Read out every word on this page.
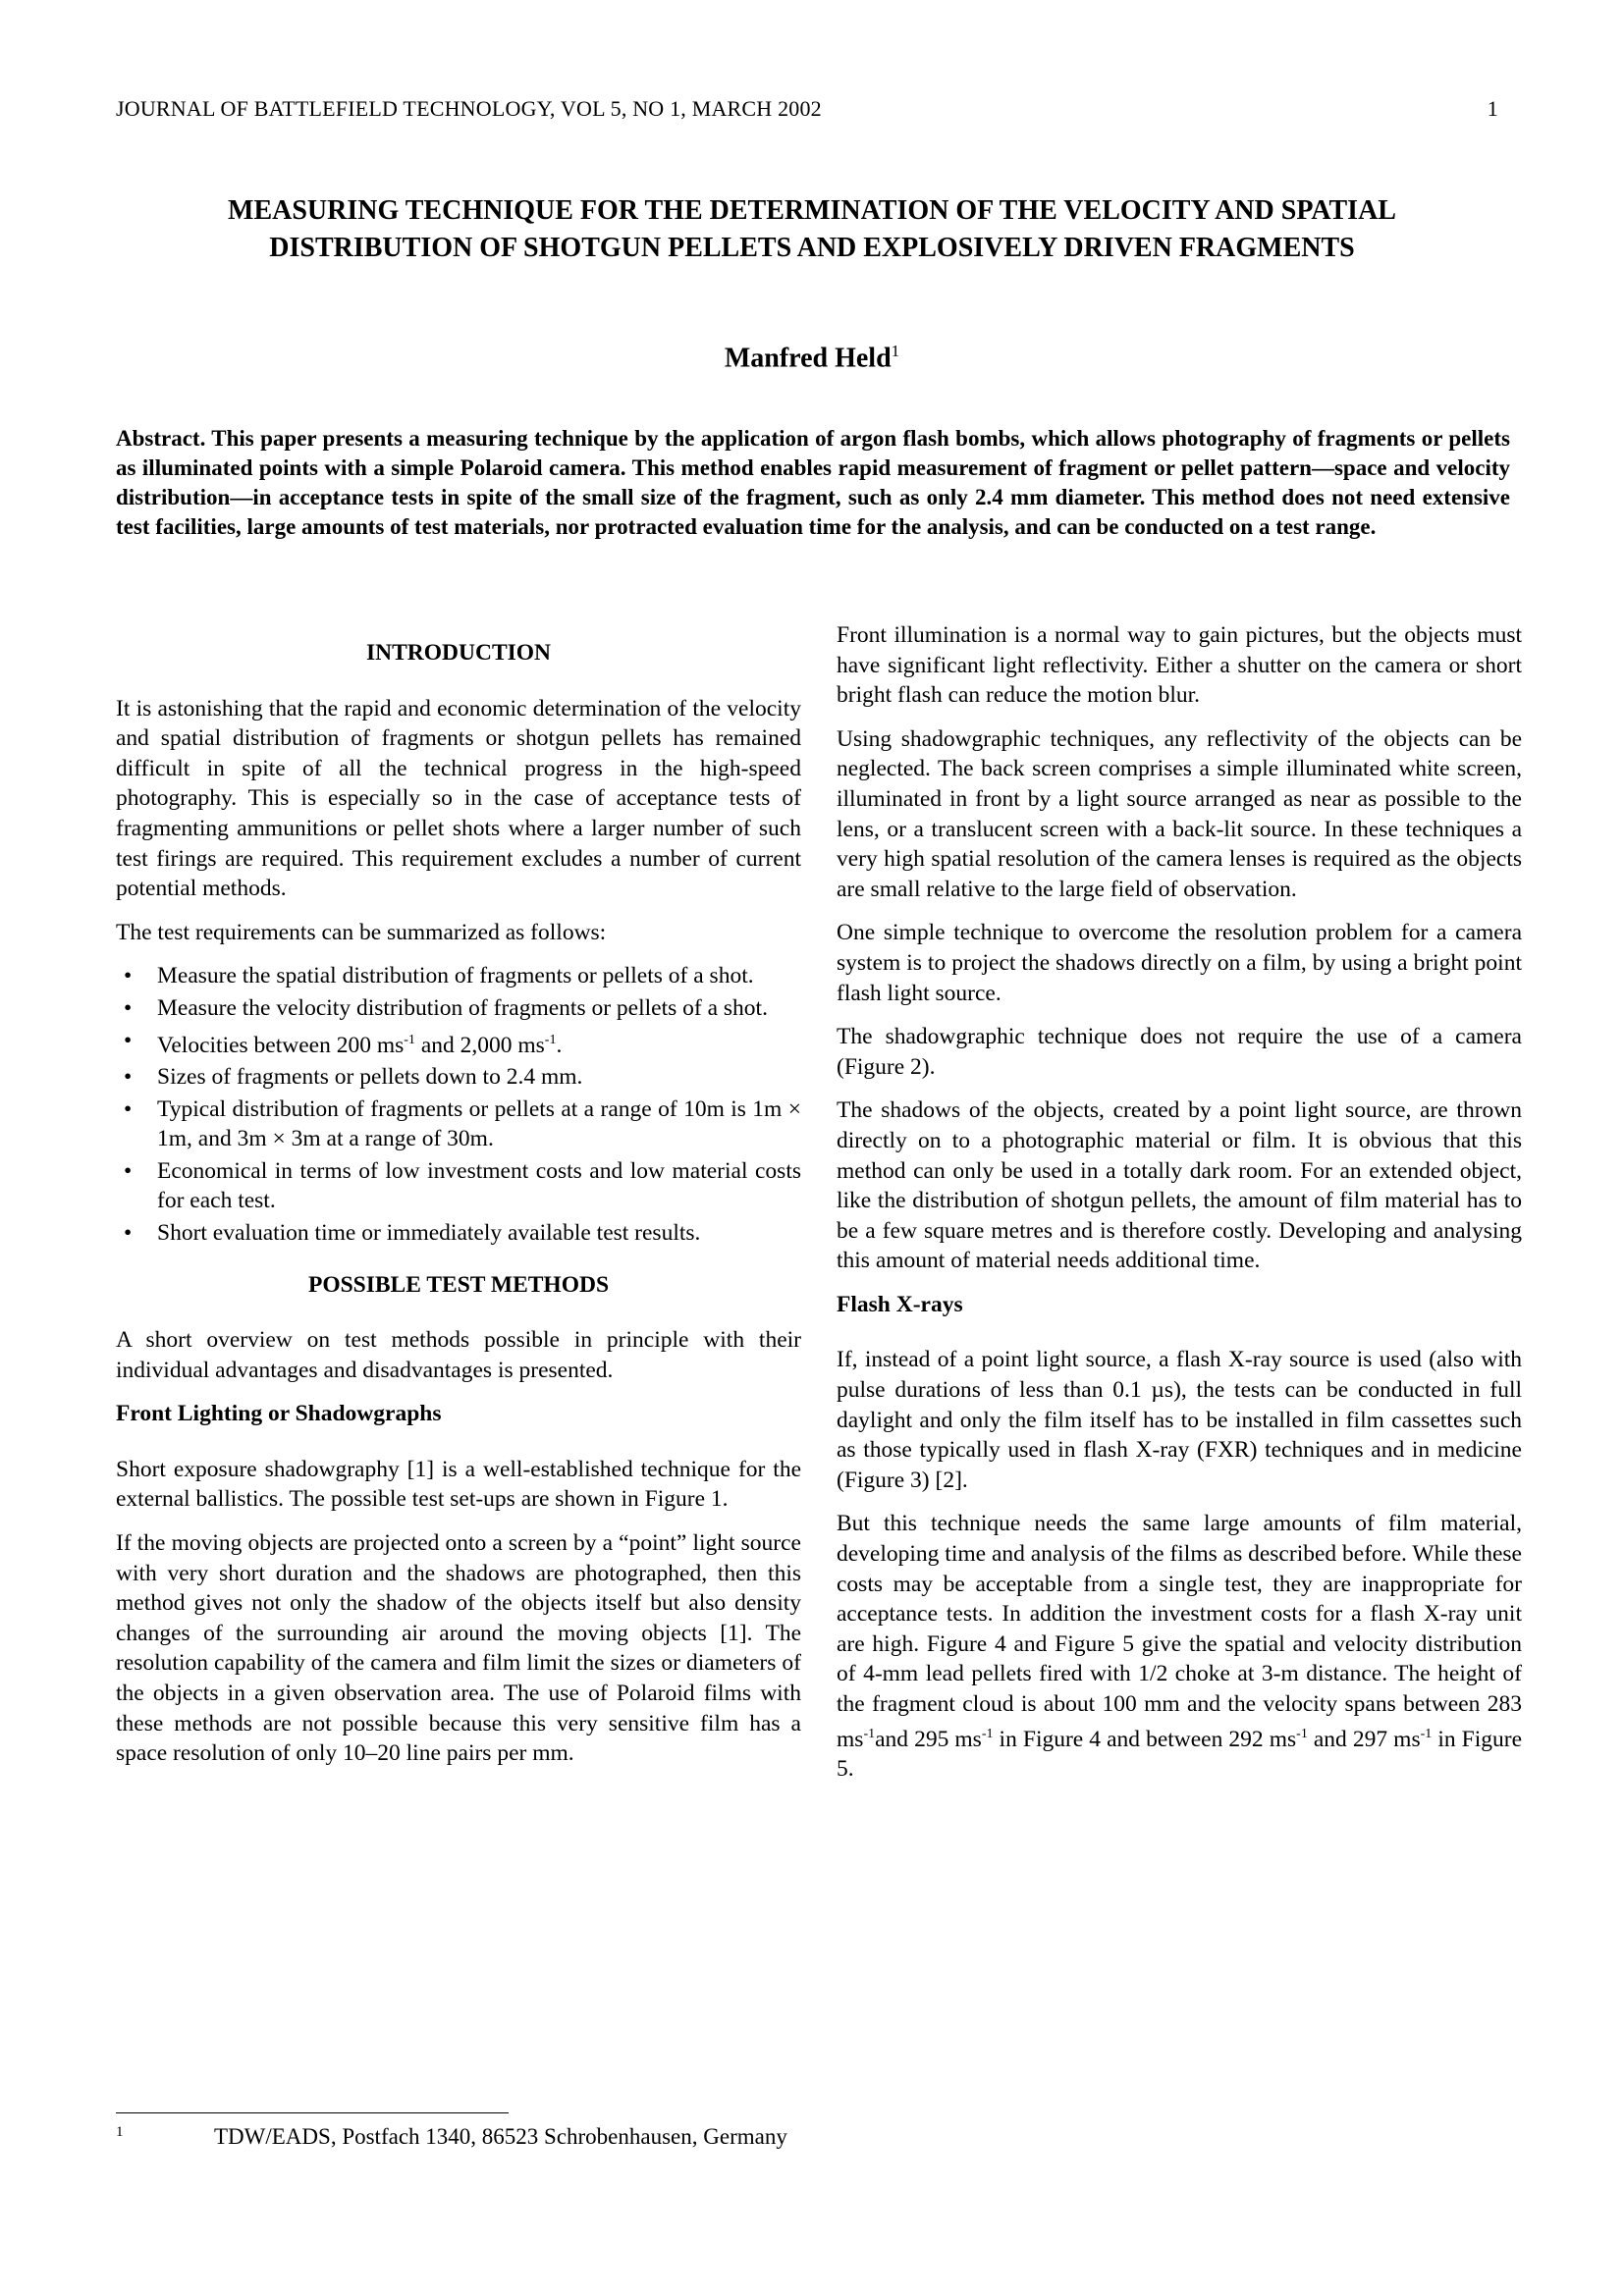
JOURNAL OF BATTLEFIELD TECHNOLOGY, VOL 5, NO 1, MARCH 2002	1
MEASURING TECHNIQUE FOR THE DETERMINATION OF THE VELOCITY AND SPATIAL DISTRIBUTION OF SHOTGUN PELLETS AND EXPLOSIVELY DRIVEN FRAGMENTS
Manfred Held$^1$
Abstract. This paper presents a measuring technique by the application of argon flash bombs, which allows photography of fragments or pellets as illuminated points with a simple Polaroid camera. This method enables rapid measurement of fragment or pellet pattern—space and velocity distribution—in acceptance tests in spite of the small size of the fragment, such as only 2.4 mm diameter. This method does not need extensive test facilities, large amounts of test materials, nor protracted evaluation time for the analysis, and can be conducted on a test range.
INTRODUCTION

It is astonishing that the rapid and economic determination of the velocity and spatial distribution of fragments or shotgun pellets has remained difficult in spite of all the technical progress in the high-speed photography. This is especially so in the case of acceptance tests of fragmenting ammunitions or pellet shots where a larger number of such test firings are required. This requirement excludes a number of current potential methods.

The test requirements can be summarized as follows:

• Measure the spatial distribution of fragments or pellets of a shot.
• Measure the velocity distribution of fragments or pellets of a shot.
• Velocities between 200 $ms^{-1}$ and 2,000 $ms^{-1}$.
• Sizes of fragments or pellets down to 2.4 mm.
• Typical distribution of fragments or pellets at a range of 10m is 1m × 1m, and 3m × 3m at a range of 30m.
• Economical in terms of low investment costs and low material costs for each test.
• Short evaluation time or immediately available test results.
POSSIBLE TEST METHODS

A short overview on test methods possible in principle with their individual advantages and disadvantages is presented.

Front Lighting or Shadowgraphs

Short exposure shadowgraphy [1] is a well-established technique for the external ballistics. The possible test set-ups are shown in Figure 1.

If the moving objects are projected onto a screen by a “point” light source with very short duration and the shadows are photographed, then this method gives not only the shadow of the objects itself but also density changes of the surrounding air around the moving objects [1]. The resolution capability of the camera and film limit the sizes or diameters of the objects in a given observation area. The use of Polaroid films with these methods are not possible because this very sensitive film has a space resolution of only 10–20 line pairs per mm.

Front illumination is a normal way to gain pictures, but the objects must have significant light reflectivity. Either a shutter on the camera or short bright flash can reduce the motion blur.

Using shadowgraphic techniques, any reflectivity of the objects can be neglected. The back screen comprises a simple illuminated white screen, illuminated in front by a light source arranged as near as possible to the lens, or a translucent screen with a back-lit source. In these techniques a very high spatial resolution of the camera lenses is required as the objects are small relative to the large field of observation.

One simple technique to overcome the resolution problem for a camera system is to project the shadows directly on a film, by using a bright point flash light source.

The shadowgraphic technique does not require the use of a camera (Figure 2).

The shadows of the objects, created by a point light source, are thrown directly on to a photographic material or film. It is obvious that this method can only be used in a totally dark room. For an extended object, like the distribution of shotgun pellets, the amount of film material has to be a few square metres and is therefore costly. Developing and analysing this amount of material needs additional time.

Flash X-rays

If, instead of a point light source, a flash X-ray source is used (also with pulse durations of less than 0.1 µs), the tests can be conducted in full daylight and only the film itself has to be installed in film cassettes such as those typically used in flash X-ray (FXR) techniques and in medicine (Figure 3) [2].

But this technique needs the same large amounts of film material, developing time and analysis of the films as described before. While these costs may be acceptable from a single test, they are inappropriate for acceptance tests. In addition the investment costs for a flash X-ray unit are high. Figure 4 and Figure 5 give the spatial and velocity distribution of 4-mm lead pellets fired with 1/2 choke at 3-m distance. The height of the fragment cloud is about 100 mm and the velocity spans between 283 $ms^{-1}and$ 295 $ms^{-1}$ in Figure 4 and between 292 $ms^{-1}$ and 297 $ms^{-1}$ in Figure 5.

1	TDW/EADS, Postfach 1340, 86523 Schrobenhausen, Germany
